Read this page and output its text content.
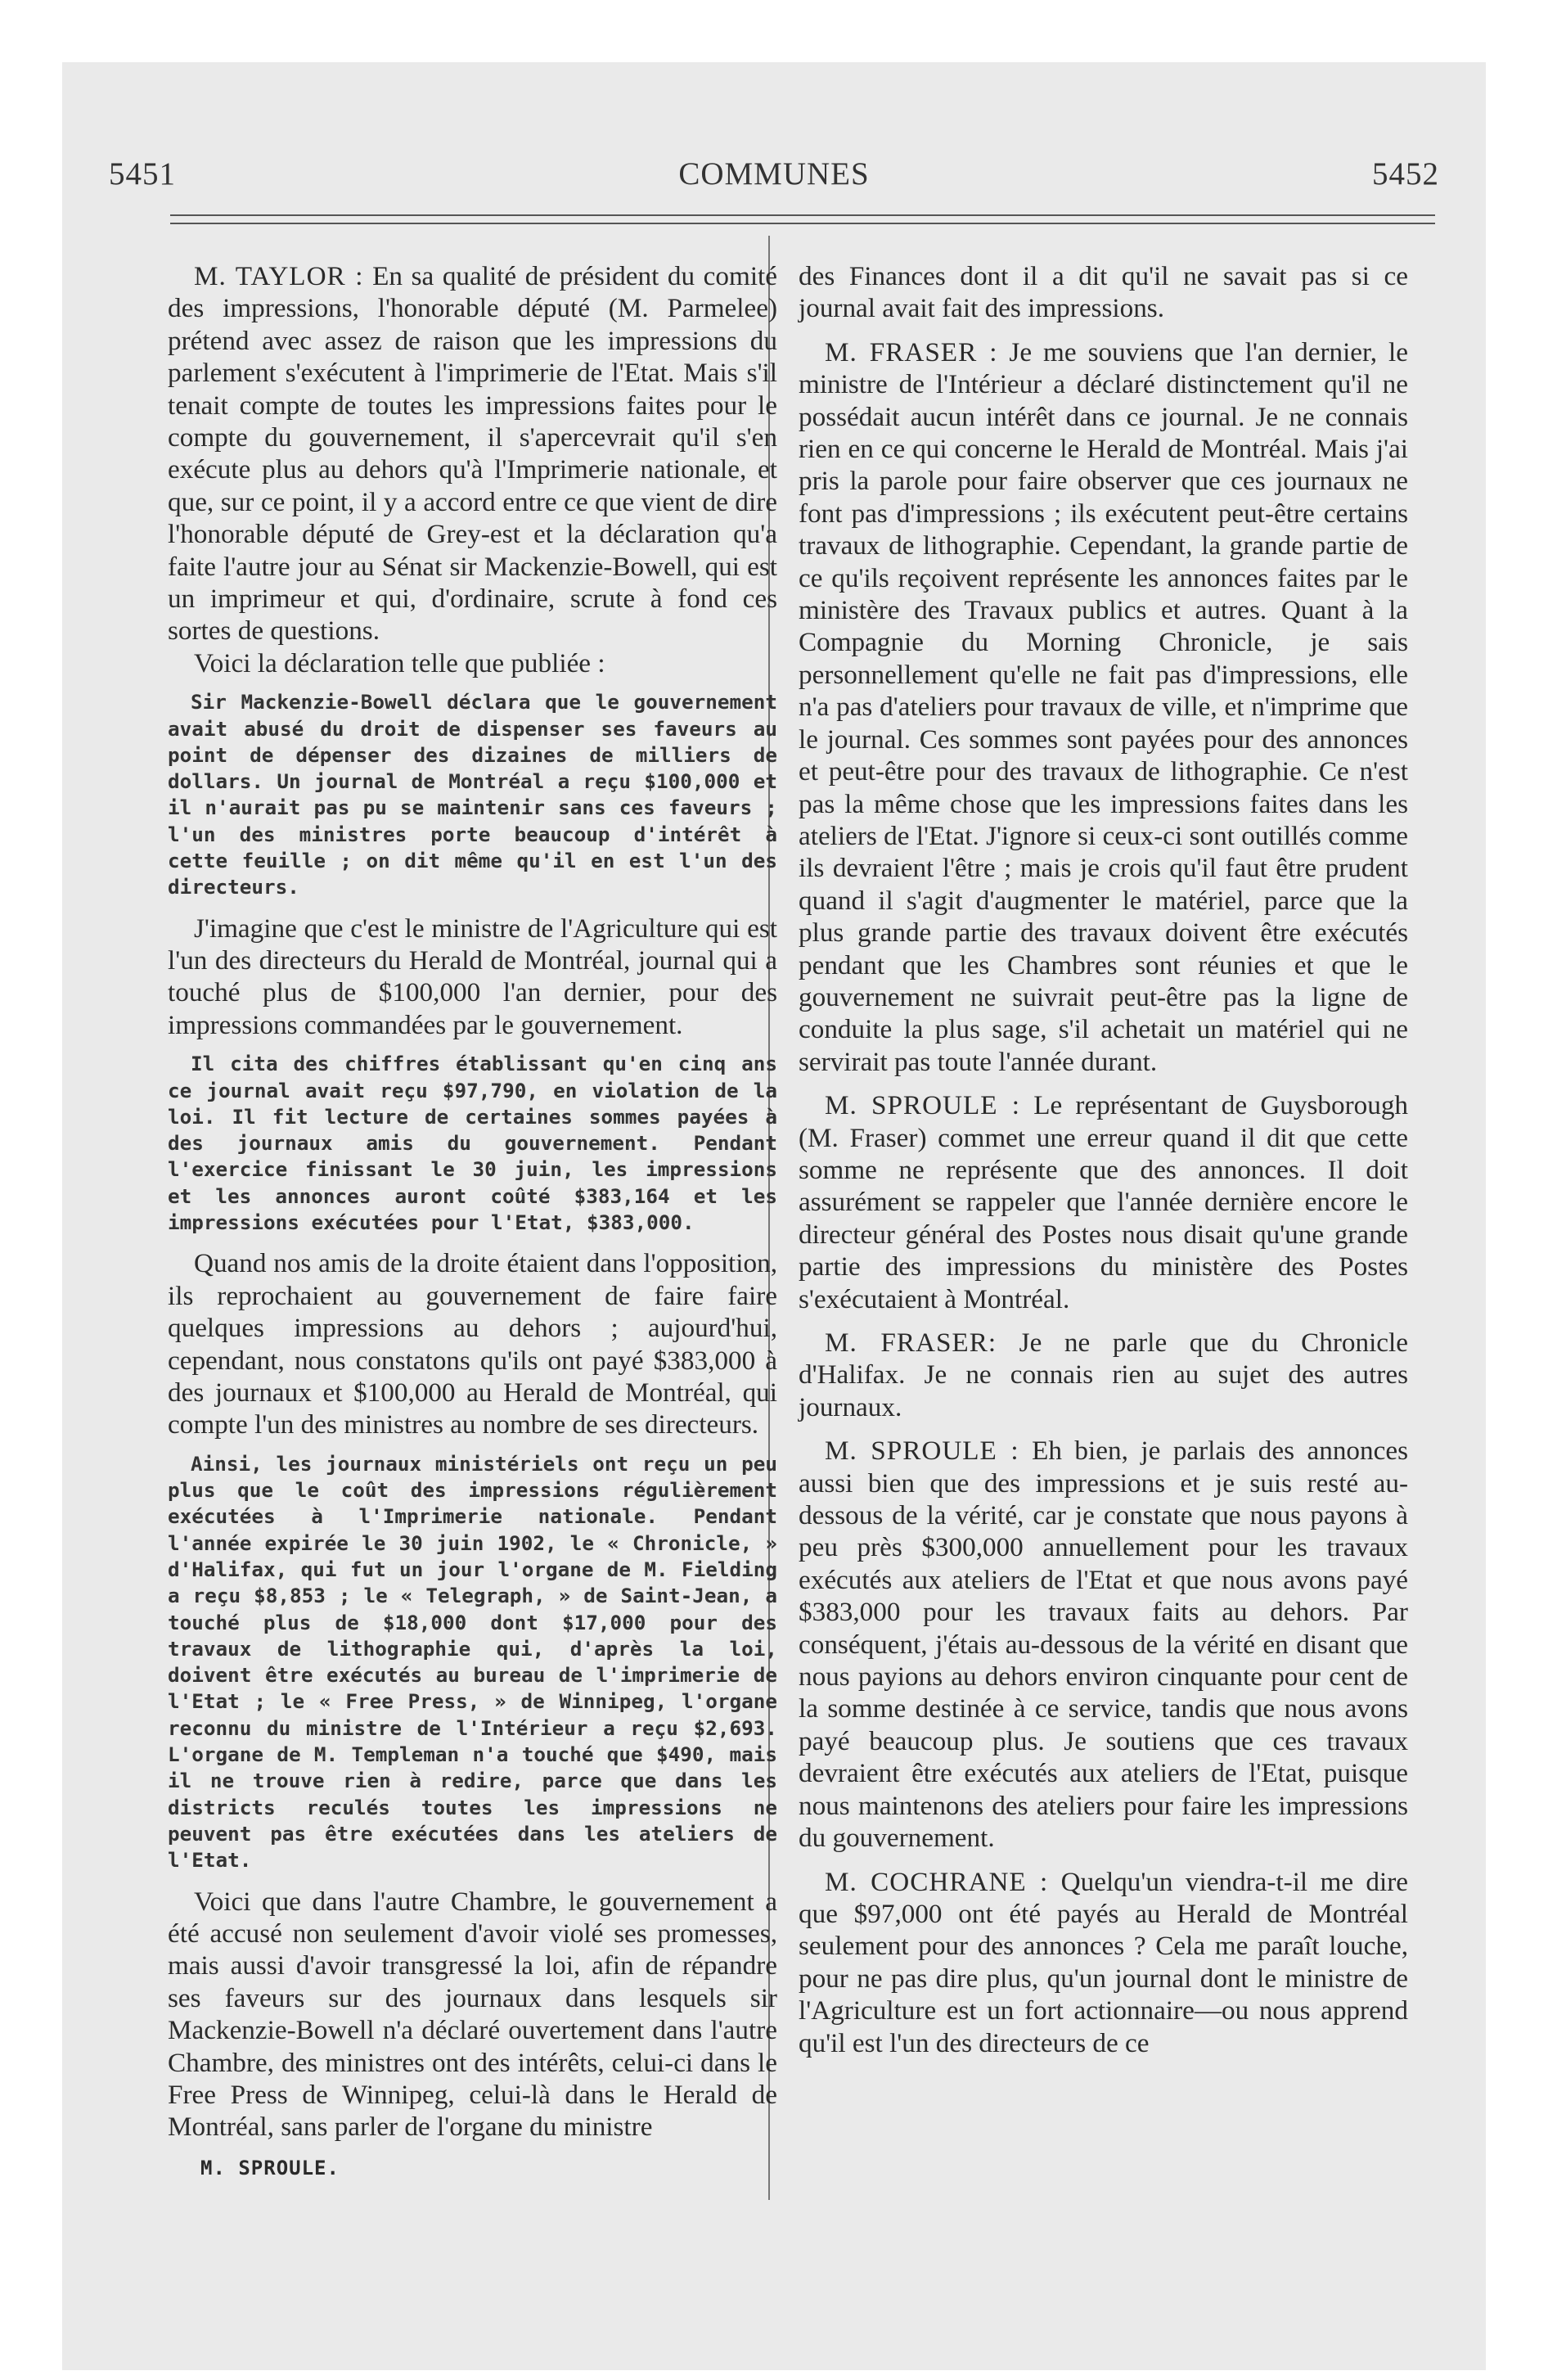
5451	COMMUNES	5452

M. TAYLOR : En sa qualité de président du comité des impressions, l'honorable député (M. Parmelee) prétend avec assez de raison que les impressions du parlement s'exécutent à l'imprimerie de l'Etat. Mais s'il tenait compte de toutes les impressions faites pour le compte du gouvernement, il s'apercevrait qu'il s'en exécute plus au dehors qu'à l'Imprimerie nationale, et que, sur ce point, il y a accord entre ce que vient de dire l'honorable député de Grey-est et la déclaration qu'a faite l'autre jour au Sénat sir Mackenzie-Bowell, qui est un imprimeur et qui, d'ordinaire, scrute à fond ces sortes de questions.

Voici la déclaration telle que publiée :

Sir Mackenzie-Bowell déclara que le gouvernement avait abusé du droit de dispenser ses faveurs au point de dépenser des dizaines de milliers de dollars. Un journal de Montréal a reçu $100,000 et il n'aurait pas pu se maintenir sans ces faveurs ; l'un des ministres porte beaucoup d'intérêt à cette feuille ; on dit même qu'il en est l'un des directeurs.

J'imagine que c'est le ministre de l'Agriculture qui est l'un des directeurs du Herald de Montréal, journal qui a touché plus de $100,000 l'an dernier, pour des impressions commandées par le gouvernement.

Il cita des chiffres établissant qu'en cinq ans ce journal avait reçu $97,790, en violation de la loi. Il fit lecture de certaines sommes payées à des journaux amis du gouvernement. Pendant l'exercice finissant le 30 juin, les impressions et les annonces auront coûté $383,164 et les impressions exécutées pour l'Etat, $383,000.

Quand nos amis de la droite étaient dans l'opposition, ils reprochaient au gouvernement de faire faire quelques impressions au dehors ; aujourd'hui, cependant, nous constatons qu'ils ont payé $383,000 à des journaux et $100,000 au Herald de Montréal, qui compte l'un des ministres au nombre de ses directeurs.

Ainsi, les journaux ministériels ont reçu un peu plus que le coût des impressions régulièrement exécutées à l'Imprimerie nationale. Pendant l'année expirée le 30 juin 1902, le « Chronicle, » d'Halifax, qui fut un jour l'organe de M. Fielding a reçu $8,853 ; le « Telegraph, » de Saint-Jean, a touché plus de $18,000 dont $17,000 pour des travaux de lithographie qui, d'après la loi, doivent être exécutés au bureau de l'imprimerie de l'Etat ; le « Free Press, » de Winnipeg, l'organe reconnu du ministre de l'Intérieur a reçu $2,693. L'organe de M. Templeman n'a touché que $490, mais il ne trouve rien à redire, parce que dans les districts reculés toutes les impressions ne peuvent pas être exécutées dans les ateliers de l'Etat.

Voici que dans l'autre Chambre, le gouvernement a été accusé non seulement d'avoir violé ses promesses, mais aussi d'avoir transgressé la loi, afin de répandre ses faveurs sur des journaux dans lesquels sir Mackenzie-Bowell n'a déclaré ouvertement dans l'autre Chambre, des ministres ont des intérêts, celui-ci dans le Free Press de Winnipeg, celui-là dans le Herald de Montréal, sans parler de l'organe du ministre

M. SPROULE.

des Finances dont il a dit qu'il ne savait pas si ce journal avait fait des impressions.

M. FRASER : Je me souviens que l'an dernier, le ministre de l'Intérieur a déclaré distinctement qu'il ne possédait aucun intérêt dans ce journal. Je ne connais rien en ce qui concerne le Herald de Montréal. Mais j'ai pris la parole pour faire observer que ces journaux ne font pas d'impressions ; ils exécutent peut-être certains travaux de lithographie. Cependant, la grande partie de ce qu'ils reçoivent représente les annonces faites par le ministère des Travaux publics et autres. Quant à la Compagnie du Morning Chronicle, je sais personnellement qu'elle ne fait pas d'impressions, elle n'a pas d'ateliers pour travaux de ville, et n'imprime que le journal. Ces sommes sont payées pour des annonces et peut-être pour des travaux de lithographie. Ce n'est pas la même chose que les impressions faites dans les ateliers de l'Etat. J'ignore si ceux-ci sont outillés comme ils devraient l'être ; mais je crois qu'il faut être prudent quand il s'agit d'augmenter le matériel, parce que la plus grande partie des travaux doivent être exécutés pendant que les Chambres sont réunies et que le gouvernement ne suivrait peut-être pas la ligne de conduite la plus sage, s'il achetait un matériel qui ne servirait pas toute l'année durant.

M. SPROULE : Le représentant de Guysborough (M. Fraser) commet une erreur quand il dit que cette somme ne représente que des annonces. Il doit assurément se rappeler que l'année dernière encore le directeur général des Postes nous disait qu'une grande partie des impressions du ministère des Postes s'exécutaient à Montréal.

M. FRASER: Je ne parle que du Chronicle d'Halifax. Je ne connais rien au sujet des autres journaux.

M. SPROULE : Eh bien, je parlais des annonces aussi bien que des impressions et je suis resté au-dessous de la vérité, car je constate que nous payons à peu près $300,000 annuellement pour les travaux exécutés aux ateliers de l'Etat et que nous avons payé $383,000 pour les travaux faits au dehors. Par conséquent, j'étais au-dessous de la vérité en disant que nous payions au dehors environ cinquante pour cent de la somme destinée à ce service, tandis que nous avons payé beaucoup plus. Je soutiens que ces travaux devraient être exécutés aux ateliers de l'Etat, puisque nous maintenons des ateliers pour faire les impressions du gouvernement.

M. COCHRANE : Quelqu'un viendra-t-il me dire que $97,000 ont été payés au Herald de Montréal seulement pour des annonces ? Cela me paraît louche, pour ne pas dire plus, qu'un journal dont le ministre de l'Agriculture est un fort actionnaire—ou nous apprend qu'il est l'un des directeurs de ce
